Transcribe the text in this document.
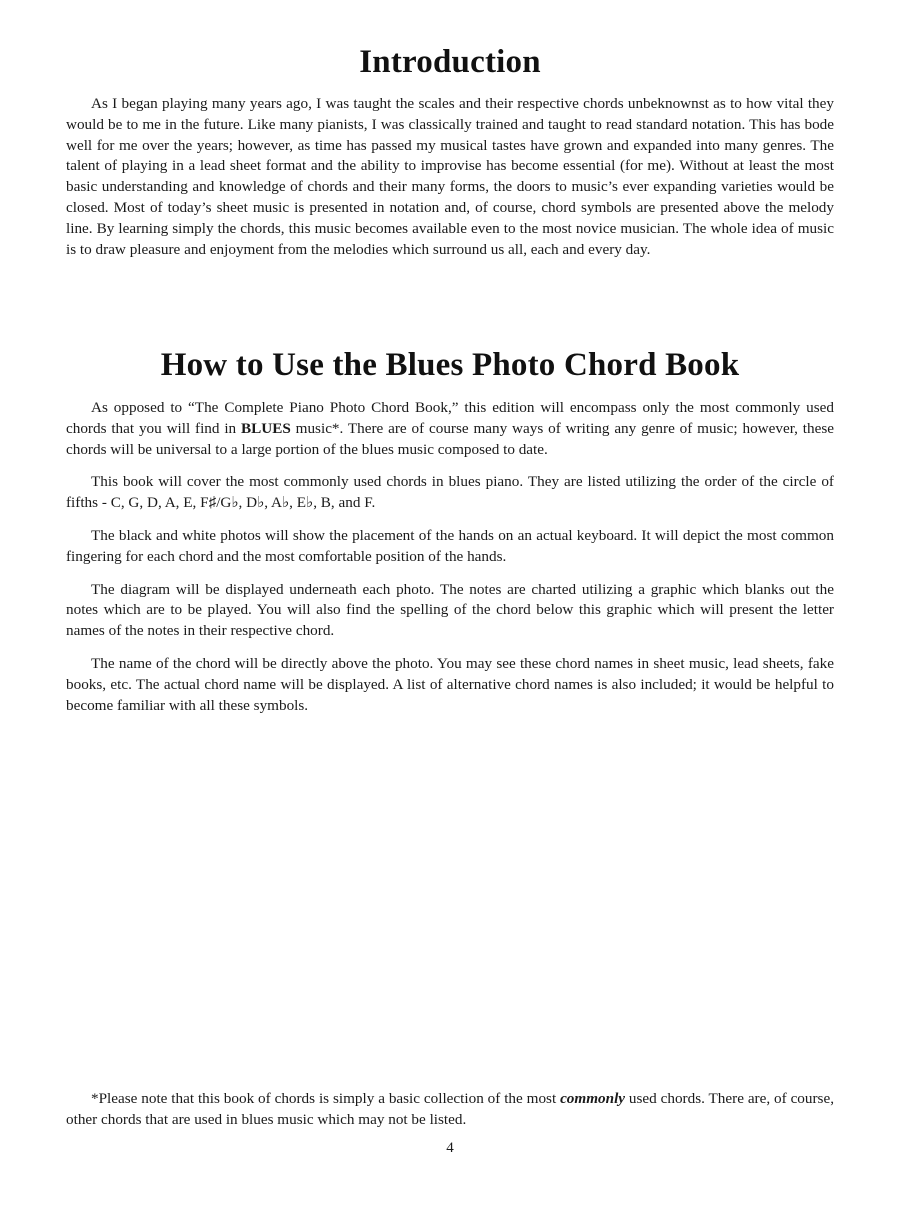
Introduction

As I began playing many years ago, I was taught the scales and their respective chords unbeknownst as to how vital they would be to me in the future. Like many pianists, I was classically trained and taught to read standard notation. This has bode well for me over the years; however, as time has passed my musical tastes have grown and expanded into many genres. The talent of playing in a lead sheet format and the ability to improvise has become essential (for me). Without at least the most basic understanding and knowledge of chords and their many forms, the doors to music’s ever expanding varieties would be closed. Most of today’s sheet music is presented in notation and, of course, chord symbols are presented above the melody line. By learning simply the chords, this music becomes available even to the most novice musician. The whole idea of music is to draw pleasure and enjoyment from the melodies which surround us all, each and every day.

How to Use the Blues Photo Chord Book

As opposed to “The Complete Piano Photo Chord Book,” this edition will encompass only the most commonly used chords that you will find in BLUES music*. There are of course many ways of writing any genre of music; however, these chords will be universal to a large portion of the blues music composed to date.

This book will cover the most commonly used chords in blues piano. They are listed utilizing the order of the circle of fifths - C, G, D, A, E, F♯/G♭, D♭, A♭, E♭, B, and F.

The black and white photos will show the placement of the hands on an actual keyboard. It will depict the most common fingering for each chord and the most comfortable position of the hands.

The diagram will be displayed underneath each photo. The notes are charted utilizing a graphic which blanks out the notes which are to be played. You will also find the spelling of the chord below this graphic which will present the letter names of the notes in their respective chord.

The name of the chord will be directly above the photo. You may see these chord names in sheet music, lead sheets, fake books, etc. The actual chord name will be displayed. A list of alternative chord names is also included; it would be helpful to become familiar with all these symbols.

*Please note that this book of chords is simply a basic collection of the most commonly used chords. There are, of course, other chords that are used in blues music which may not be listed.

4
